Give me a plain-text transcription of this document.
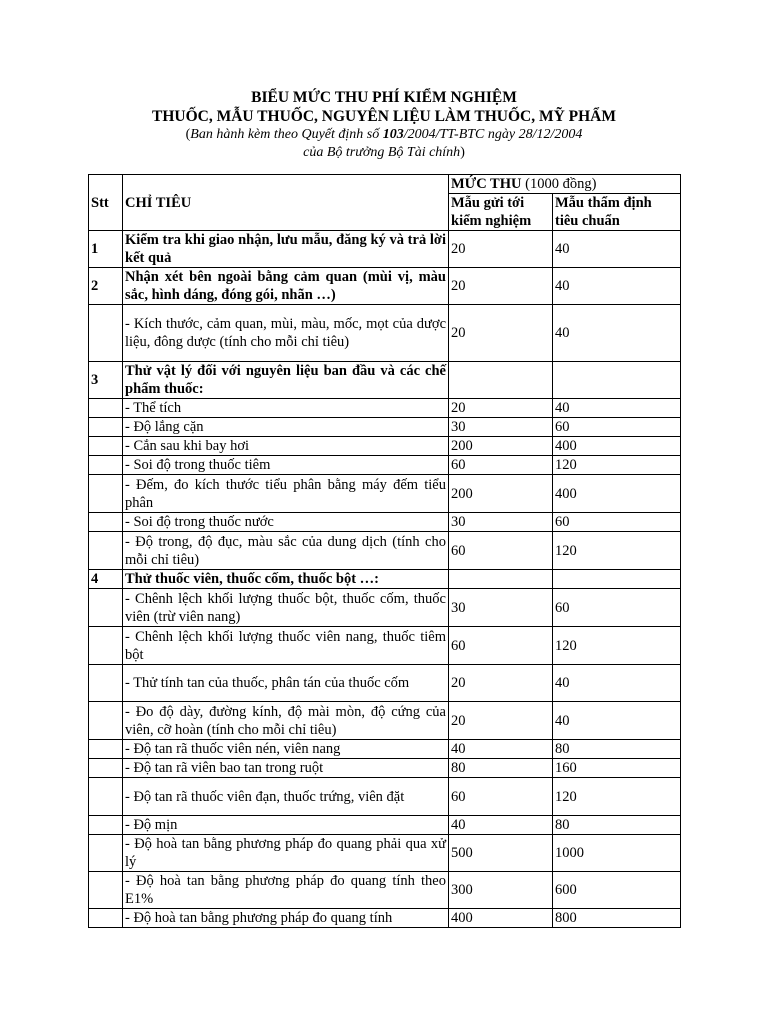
BIỂU MỨC THU PHÍ KIỂM NGHIỆM
THUỐC, MẪU THUỐC, NGUYÊN LIỆU LÀM THUỐC, MỸ PHẨM
(Ban hành kèm theo Quyết định số 103/2004/TT-BTC ngày 28/12/2004
của Bộ trưởng Bộ Tài chính)
Stt	CHỈ TIÊU	MỨC THU (1000 đồng)	
		Mẫu gửi tới kiểm nghiệm	Mẫu thẩm định tiêu chuẩn
1	Kiểm tra khi giao nhận, lưu mẫu, đăng ký và trả lời kết quả	20	40
2	Nhận xét bên ngoài bằng cảm quan (mùi vị, màu sắc, hình dáng, đóng gói, nhãn …)	20	40
	- Kích thước, cảm quan, mùi, màu, mốc, mọt của dược liệu, đông dược (tính cho mỗi chỉ tiêu)	20	40
3	Thử vật lý đối với nguyên liệu ban đầu và các chế phẩm thuốc:		
	- Thể tích	20	40
	- Độ lắng cặn	30	60
	- Cắn sau khi bay hơi	200	400
	- Soi độ trong thuốc tiêm	60	120
	- Đếm, đo kích thước tiểu phân bằng máy đếm tiểu phân	200	400
	- Soi độ trong thuốc nước	30	60
	- Độ trong, độ đục, màu sắc của dung dịch (tính cho mỗi chỉ tiêu)	60	120
4	Thử thuốc viên, thuốc cốm, thuốc bột …:		
	- Chênh lệch khối lượng thuốc bột, thuốc cốm, thuốc viên (trừ viên nang)	30	60
	- Chênh lệch khối lượng thuốc viên nang, thuốc tiêm bột	60	120
	- Thử tính tan của thuốc, phân tán của thuốc cốm	20	40
	- Đo độ dày, đường kính, độ mài mòn, độ cứng của viên, cỡ hoàn (tính cho mỗi chỉ tiêu)	20	40
	- Độ tan rã thuốc viên nén, viên nang	40	80
	- Độ tan rã viên bao tan trong ruột	80	160
	- Độ tan rã thuốc viên đạn, thuốc trứng, viên đặt	60	120
	- Độ mịn	40	80
	- Độ hoà tan bằng phương pháp đo quang phải qua xử lý	500	1000
	- Độ hoà tan bằng phương pháp đo quang tính theo E1%	300	600
	- Độ hoà tan bằng phương pháp đo quang tính	400	800
